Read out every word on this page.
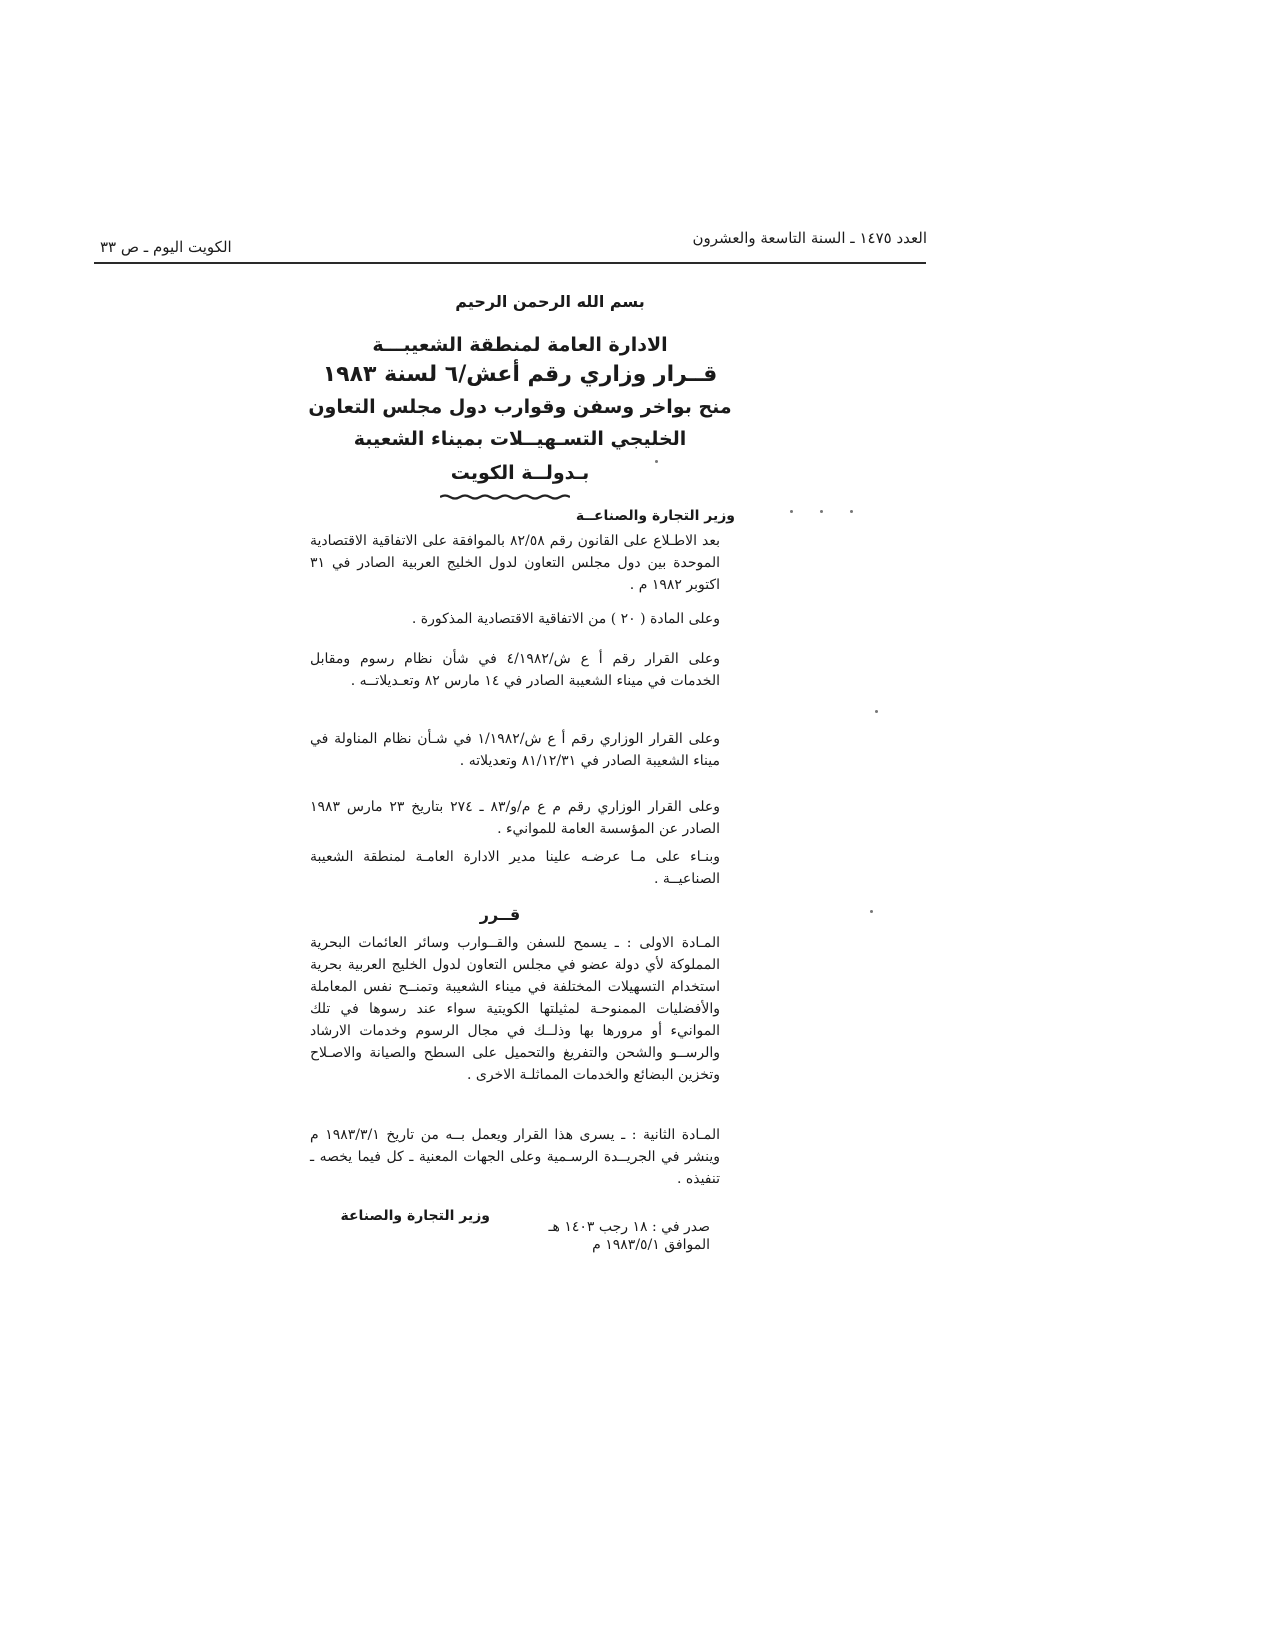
العدد ١٤٧٥ ـ السنة التاسعة والعشرون
الكويت اليوم ـ ص ٣٣
بسم الله الرحمن الرحيم
الادارة العامة لمنطقة الشعيبـــة
قــرار وزاري رقم أعش/٦ لسنة ١٩٨٣
منح بواخر وسفن وقوارب دول مجلس التعاون
الخليجي التسـهيــلات بميناء الشعيبة
بـدولــة الكويت
وزير التجارة والصناعــة
بعد الاطـلاع على القانون رقم ٨٢/٥٨ بالموافقة على الاتفاقية الاقتصادية الموحدة بين دول مجلس التعاون لدول الخليج العربية الصادر في ٣١ اكتوبر ١٩٨٢ م .
وعلى المادة ( ٢٠ ) من الاتفاقية الاقتصادية المذكورة .
وعلى القرار رقم أ ع ش/٤/١٩٨٢ في شأن نظام رسوم ومقابل الخدمات في ميناء الشعيبة الصادر في ١٤ مارس ٨٢ وتعـديلاتــه .
وعلى القرار الوزاري رقم أ ع ش/١/١٩٨٢ في شـأن نظام المناولة في ميناء الشعيبة الصادر في ٨١/١٢/٣١ وتعديلاته .
وعلى القرار الوزاري رقم م ع م/و/٨٣ ـ ٢٧٤ بتاريخ ٢٣ مارس ١٩٨٣ الصادر عن المؤسسة العامة للموانيء .
وبنـاء على مـا عرضـه علينا مدير الادارة العامـة لمنطقة الشعيبة الصناعيــة .
قــرر
المـادة الاولى : ـ يسمح للسفن والقــوارب وسائر العائمات البحرية المملوكة لأي دولة عضو في مجلس التعاون لدول الخليج العربية بحرية استخدام التسهيلات المختلفة في ميناء الشعيبة وتمنــح نفس المعاملة والأفضليات الممنوحـة لمثيلتها الكويتية سواء عند رسوها في تلك الموانيء أو مرورها بها وذلــك في مجال الرسوم وخدمات الارشاد والرســو والشحن والتفريغ والتحميل على السطح والصيانة والاصـلاح وتخزين البضائع والخدمات المماثلـة الاخرى .
المـادة الثانية : ـ يسرى هذا القرار ويعمل بــه من تاريخ ١٩٨٣/٣/١ م وينشر في الجريــدة الرسـمية وعلى الجهات المعنية ـ كل فيما يخصه ـ تنفيذه .
وزير التجارة والصناعة
صدر في : ١٨ رجب ١٤٠٣ هـ
الموافق ١٩٨٣/٥/١ م
